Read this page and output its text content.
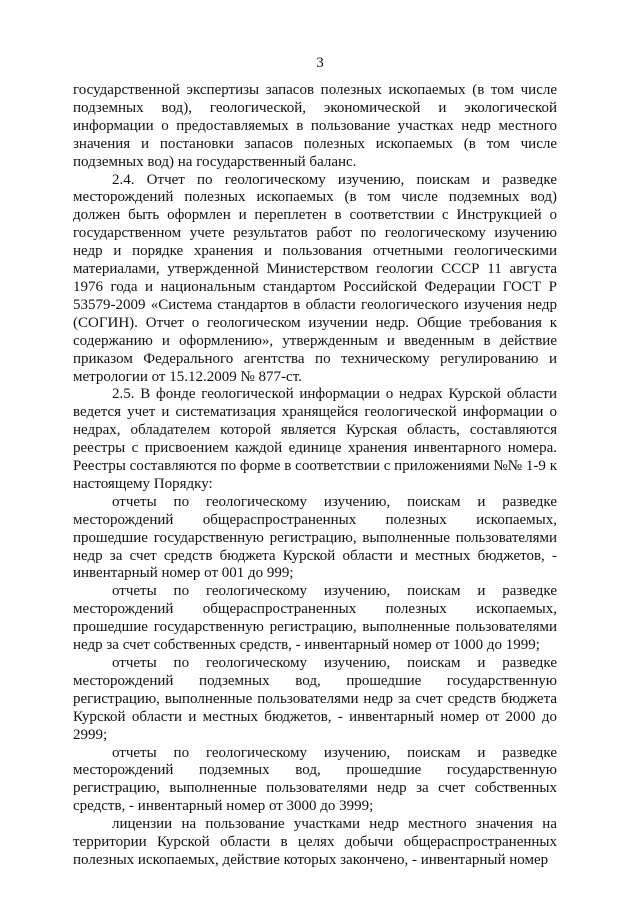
3

государственной экспертизы запасов полезных ископаемых (в том числе подземных вод), геологической, экономической и экологической информации о предоставляемых в пользование участках недр местного значения и постановки запасов полезных ископаемых (в том числе подземных вод) на государственный баланс.

2.4. Отчет по геологическому изучению, поискам и разведке месторождений полезных ископаемых (в том числе подземных вод) должен быть оформлен и переплетен в соответствии с Инструкцией о государственном учете результатов работ по геологическому изучению недр и порядке хранения и пользования отчетными геологическими материалами, утвержденной Министерством геологии СССР 11 августа 1976 года и национальным стандартом Российской Федерации ГОСТ Р 53579-2009 «Система стандартов в области геологического изучения недр (СОГИН). Отчет о геологическом изучении недр. Общие требования к содержанию и оформлению», утвержденным и введенным в действие приказом Федерального агентства по техническому регулированию и метрологии от 15.12.2009 № 877-ст.

2.5. В фонде геологической информации о недрах Курской области ведется учет и систематизация хранящейся геологической информации о недрах, обладателем которой является Курская область, составляются реестры с присвоением каждой единице хранения инвентарного номера. Реестры составляются по форме в соответствии с приложениями №№ 1-9 к настоящему Порядку:

отчеты по геологическому изучению, поискам и разведке месторождений общераспространенных полезных ископаемых, прошедшие государственную регистрацию, выполненные пользователями недр за счет средств бюджета Курской области и местных бюджетов, - инвентарный номер от 001 до 999;

отчеты по геологическому изучению, поискам и разведке месторождений общераспространенных полезных ископаемых, прошедшие государственную регистрацию, выполненные пользователями недр за счет собственных средств, - инвентарный номер от 1000 до 1999;

отчеты по геологическому изучению, поискам и разведке месторождений подземных вод, прошедшие государственную регистрацию, выполненные пользователями недр за счет средств бюджета Курской области и местных бюджетов, - инвентарный номер от 2000 до 2999;

отчеты по геологическому изучению, поискам и разведке месторождений подземных вод, прошедшие государственную регистрацию, выполненные пользователями недр за счет собственных средств, - инвентарный номер от 3000 до 3999;

лицензии на пользование участками недр местного значения на территории Курской области в целях добычи общераспространенных полезных ископаемых, действие которых закончено, - инвентарный номер
